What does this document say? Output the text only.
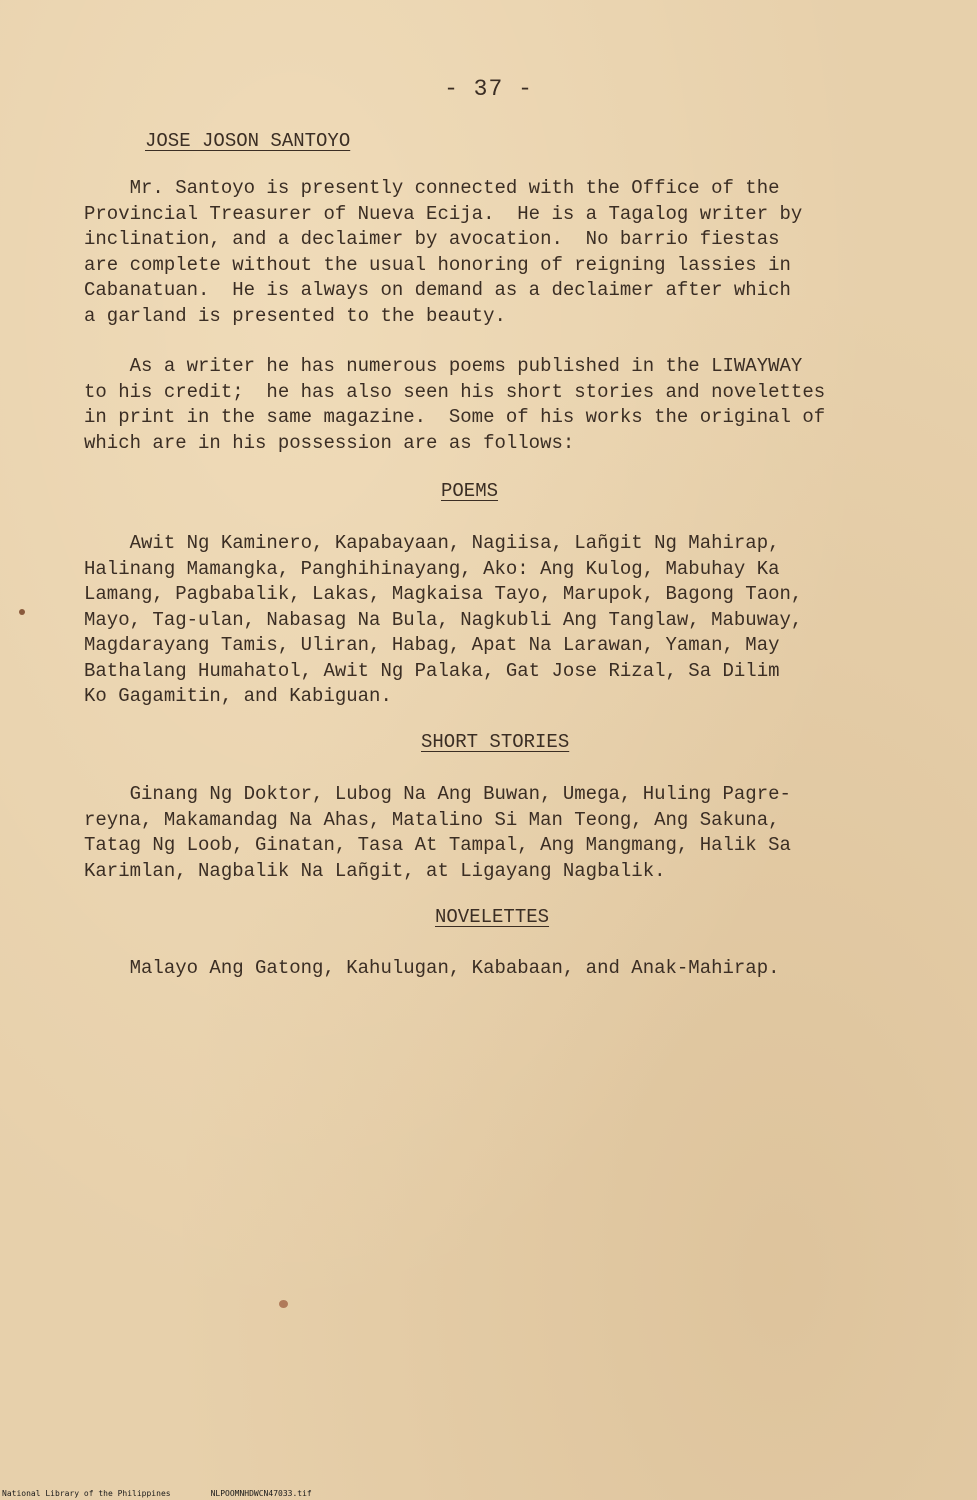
- 37 -
JOSE JOSON SANTOYO
Mr. Santoyo is presently connected with the Office of the
Provincial Treasurer of Nueva Ecija.  He is a Tagalog writer by
inclination, and a declaimer by avocation.  No barrio fiestas
are complete without the usual honoring of reigning lassies in
Cabanatuan.  He is always on demand as a declaimer after which
a garland is presented to the beauty.
As a writer he has numerous poems published in the LIWAYWAY
to his credit;  he has also seen his short stories and novelettes
in print in the same magazine.  Some of his works the original of
which are in his possession are as follows:
POEMS
Awit Ng Kaminero, Kapabayaan, Nagiisa, Lañgit Ng Mahirap,
Halinang Mamangka, Panghihinayang, Ako: Ang Kulog, Mabuhay Ka
Lamang, Pagbabalik, Lakas, Magkaisa Tayo, Marupok, Bagong Taon,
Mayo, Tag-ulan, Nabasag Na Bula, Nagkubli Ang Tanglaw, Mabuway,
Magdarayang Tamis, Uliran, Habag, Apat Na Larawan, Yaman, May
Bathalang Humahatol, Awit Ng Palaka, Gat Jose Rizal, Sa Dilim
Ko Gagamitin, and Kabiguan.
SHORT STORIES
Ginang Ng Doktor, Lubog Na Ang Buwan, Umega, Huling Pagre-
reyna, Makamandag Na Ahas, Matalino Si Man Teong, Ang Sakuna,
Tatag Ng Loob, Ginatan, Tasa At Tampal, Ang Mangmang, Halik Sa
Karimlan, Nagbalik Na Lañgit, at Ligayang Nagbalik.
NOVELETTES
Malayo Ang Gatong, Kahulugan, Kababaan, and Anak-Mahirap.
National Library of the Philippines	NLPOOMNHDWCN47033.tif
